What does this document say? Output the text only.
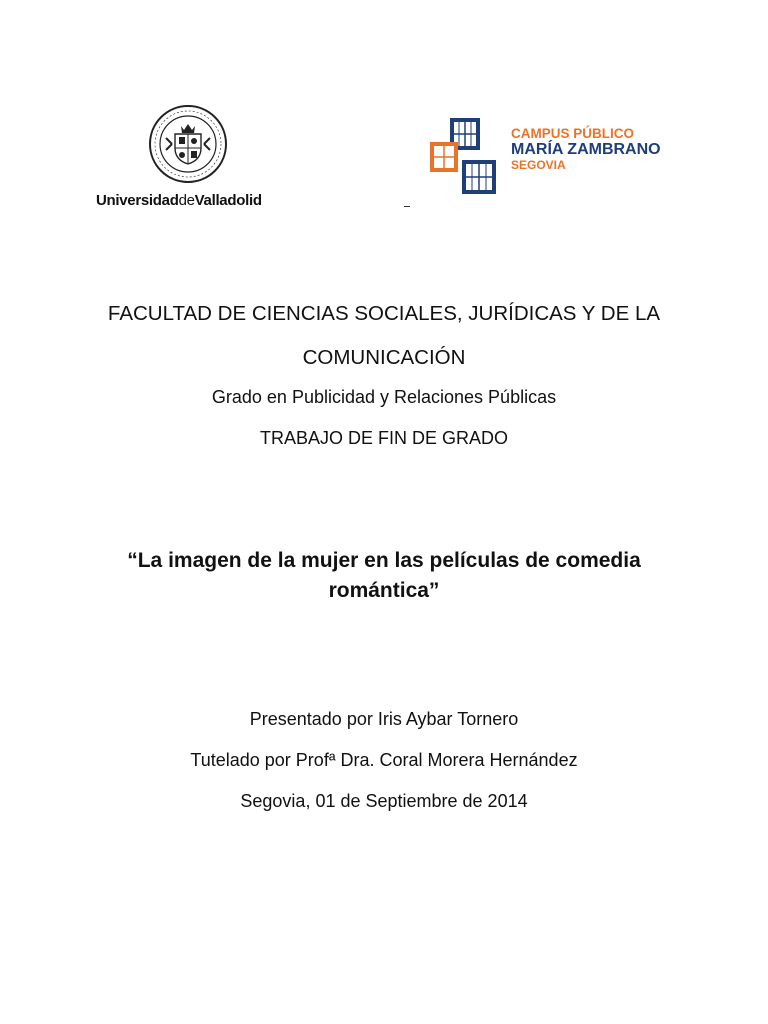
UniversidaddeValladolid
CAMPUS PÚBLICO
MARÍA ZAMBRANO
SEGOVIA
FACULTAD DE CIENCIAS SOCIALES, JURÍDICAS Y DE LA
COMUNICACIÓN
Grado en Publicidad y Relaciones Públicas
TRABAJO DE FIN DE GRADO
“La imagen de la mujer en las películas de comedia
romántica”
Presentado por Iris Aybar Tornero
Tutelado por Profª Dra. Coral Morera Hernández
Segovia, 01 de Septiembre de 2014
